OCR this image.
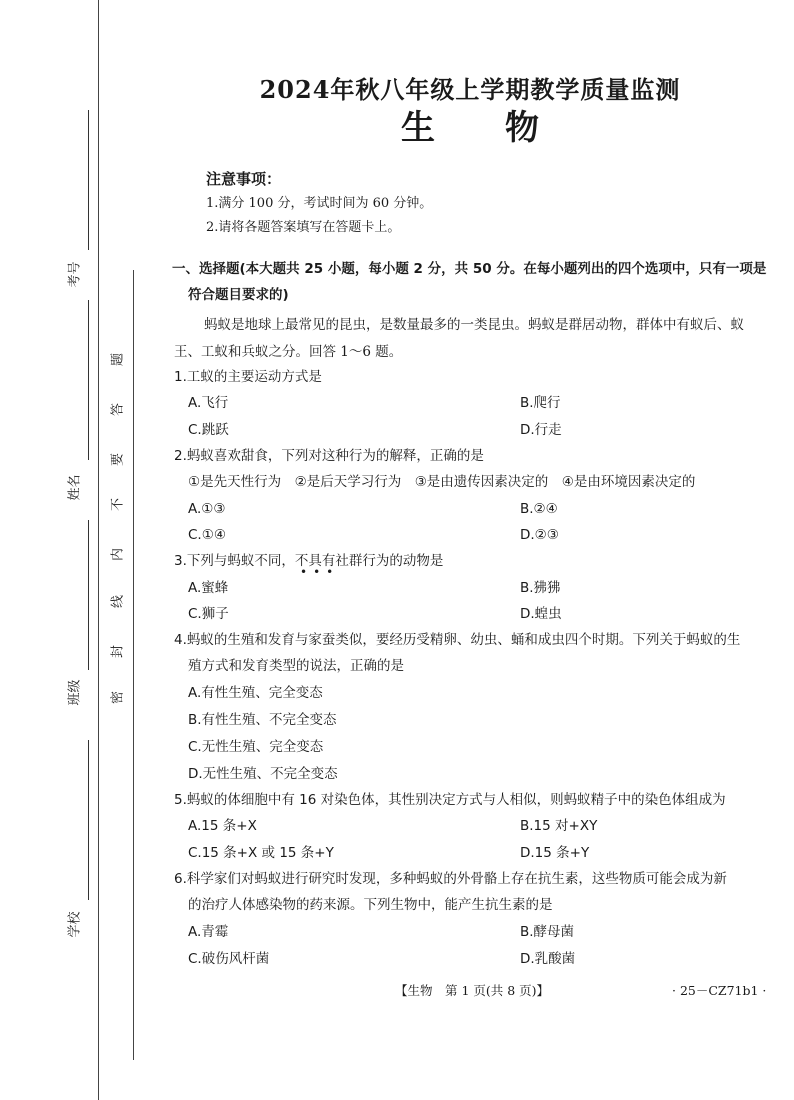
考号
姓名
班级
学校
题
答
要
不
内
线
封
密
2024年秋八年级上学期教学质量监测
生物
注意事项：
1.满分 100 分，考试时间为 60 分钟。
2.请将各题答案填写在答题卡上。
一、选择题(本大题共 25 小题，每小题 2 分，共 50 分。在每小题列出的四个选项中，只有一项是
符合题目要求的)
蚂蚁是地球上最常见的昆虫，是数量最多的一类昆虫。蚂蚁是群居动物，群体中有蚁后、蚁
王、工蚁和兵蚁之分。回答 1～6 题。
1.工蚁的主要运动方式是
A.飞行	B.爬行
C.跳跃	D.行走
2.蚂蚁喜欢甜食，下列对这种行为的解释，正确的是
①是先天性行为　②是后天学习行为　③是由遗传因素决定的　④是由环境因素决定的
A.①③	B.②④
C.①④	D.②③
3.下列与蚂蚁不同，不具有社群行为的动物是
•••
A.蜜蜂	B.狒狒
C.狮子	D.蝗虫
4.蚂蚁的生殖和发育与家蚕类似，要经历受精卵、幼虫、蛹和成虫四个时期。下列关于蚂蚁的生
殖方式和发育类型的说法，正确的是
A.有性生殖、完全变态
B.有性生殖、不完全变态
C.无性生殖、完全变态
D.无性生殖、不完全变态
5.蚂蚁的体细胞中有 16 对染色体，其性别决定方式与人相似，则蚂蚁精子中的染色体组成为
A.15 条+X	B.15 对+XY
C.15 条+X 或 15 条+Y	D.15 条+Y
6.科学家们对蚂蚁进行研究时发现，多种蚂蚁的外骨骼上存在抗生素，这些物质可能会成为新
的治疗人体感染物的药来源。下列生物中，能产生抗生素的是
A.青霉	B.酵母菌
C.破伤风杆菌	D.乳酸菌
【生物　第 1 页(共 8 页)】	· 25－CZ71b1 ·
